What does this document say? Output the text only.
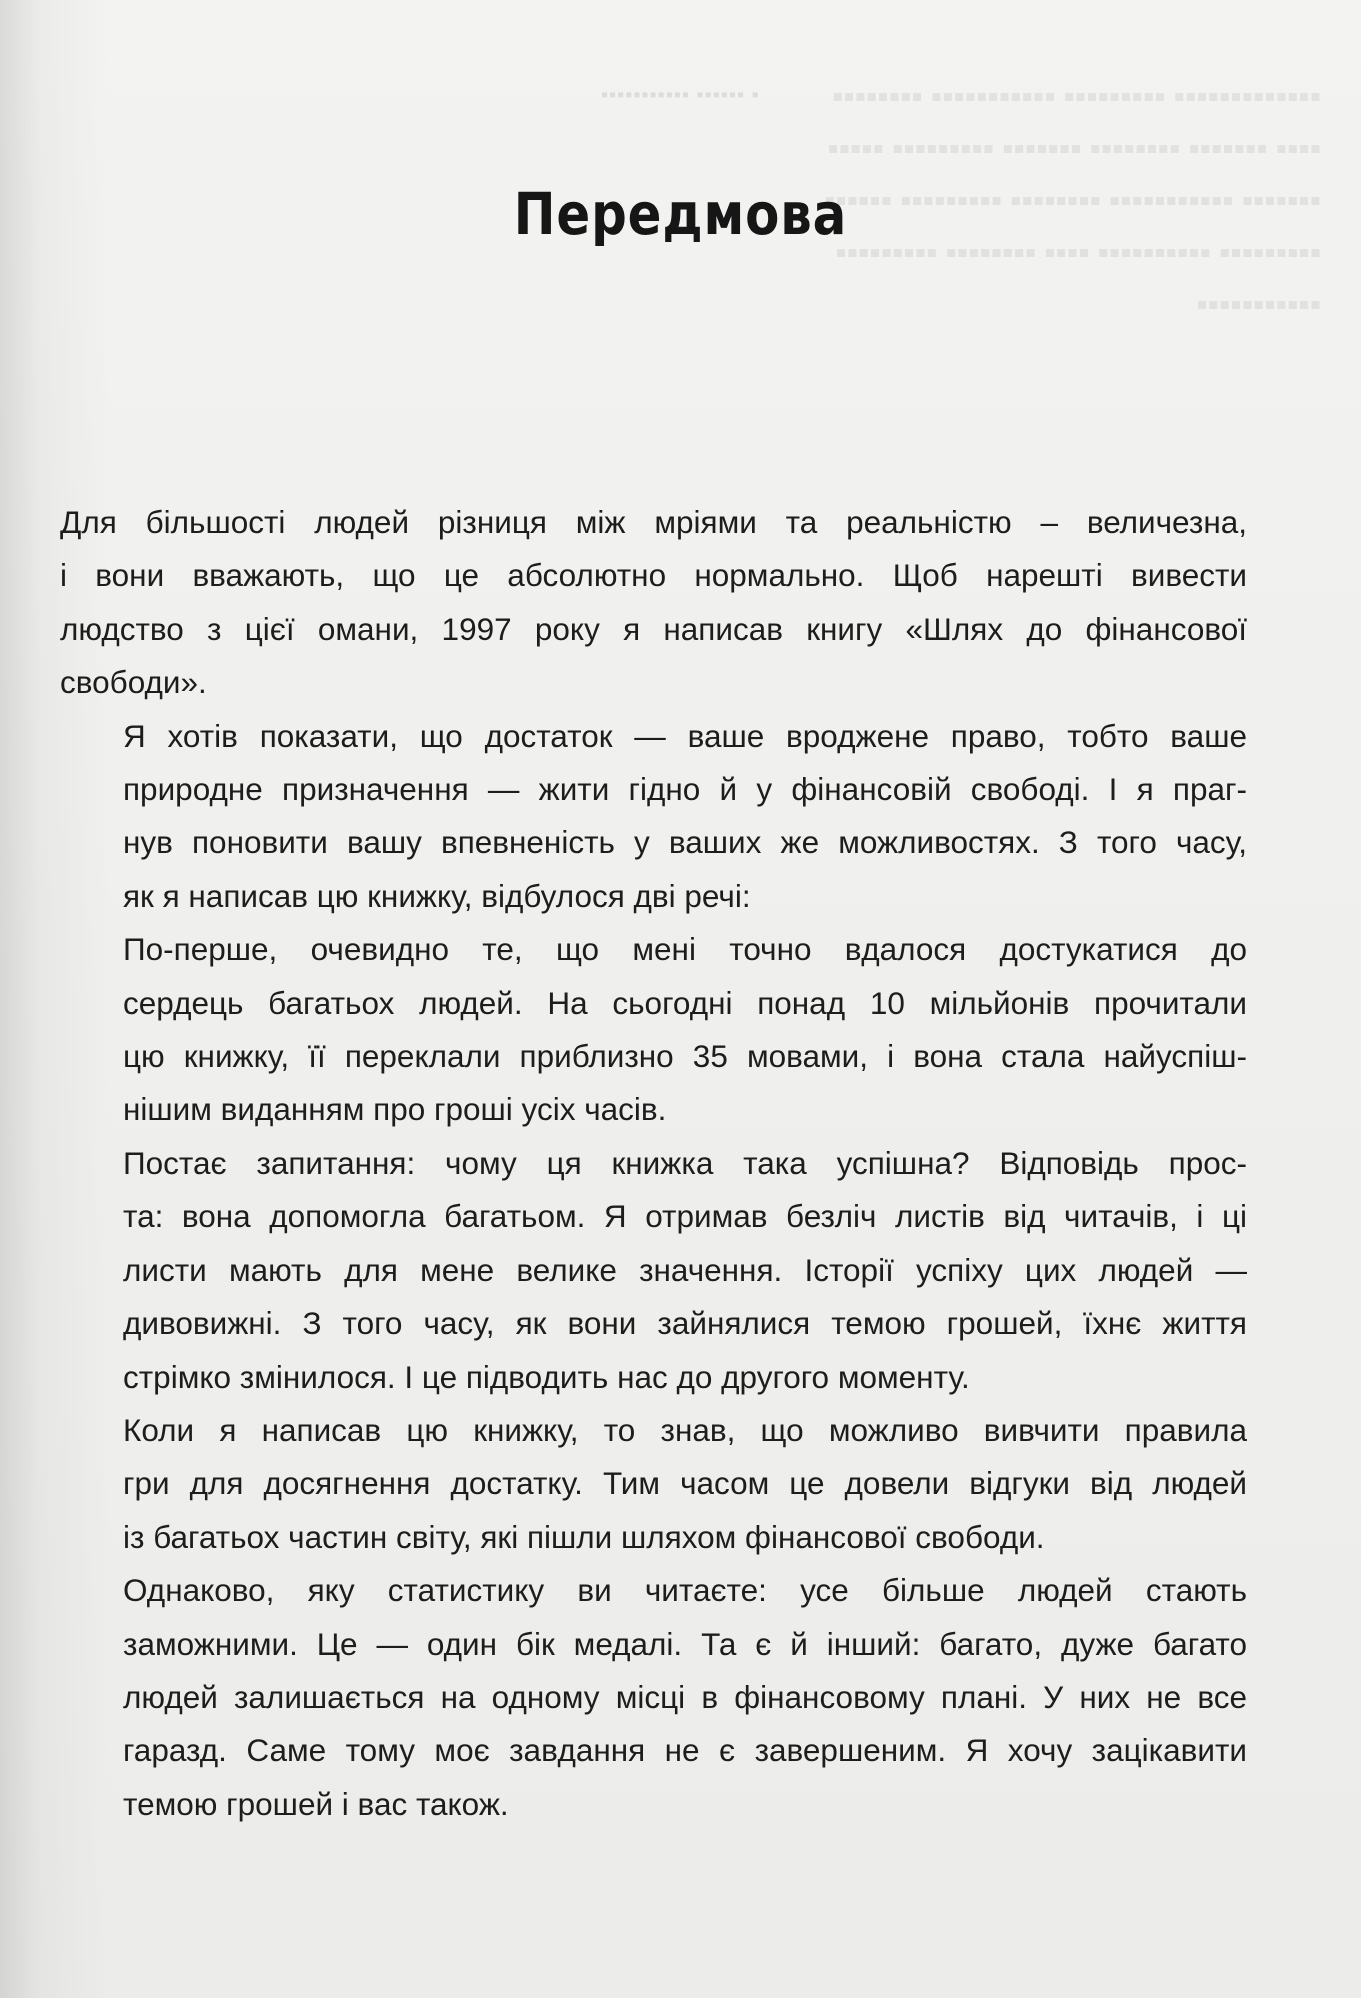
▪ ▪▪▪▪▪▪ ▪▪▪▪▪▪▪▪▪▪▪	▪▪▪▪▪▪▪▪▪▪▪▪▪ ▪▪▪▪▪▪▪▪▪ ▪▪▪▪▪▪▪▪▪▪▪ ▪▪▪▪▪▪▪▪
▪▪▪▪ ▪▪▪▪▪▪▪ ▪▪▪▪▪▪▪▪ ▪▪▪▪▪▪▪ ▪▪▪▪▪▪▪▪▪ ▪▪▪▪▪
▪▪▪▪▪▪▪ ▪▪▪▪▪▪▪▪▪▪▪ ▪▪▪▪▪▪▪▪ ▪▪▪▪▪▪▪▪▪ ▪▪▪▪▪▪
▪▪▪▪▪▪▪▪▪ ▪▪▪▪▪▪▪▪▪▪ ▪▪▪▪ ▪▪▪▪▪▪▪▪ ▪▪▪▪▪▪▪▪▪
▪▪▪▪▪▪▪▪▪▪▪
Передмова

Для більшості людей різниця між мріями та реальністю – величезна,
і вони вважають, що це абсолютно нормально. Щоб нарешті вивести
людство з цієї омани, 1997 року я написав книгу «Шлях до фінансової
свободи».

Я хотів показати, що достаток — ваше вроджене право, тобто ваше
природне призначення — жити гідно й у фінансовій свободі. І я праг-
нув поновити вашу впевненість у ваших же можливостях. З того часу,
як я написав цю книжку, відбулося дві речі:

По-перше, очевидно те, що мені точно вдалося достукатися до
сердець багатьох людей. На сьогодні понад 10 мільйонів прочитали
цю книжку, її переклали приблизно 35 мовами, і вона стала найуспіш-
нішим виданням про гроші усіх часів.

Постає запитання: чому ця книжка така успішна? Відповідь прос-
та: вона допомогла багатьом. Я отримав безліч листів від читачів, і ці
листи мають для мене велике значення. Історії успіху цих людей —
дивовижні. З того часу, як вони зайнялися темою грошей, їхнє життя
стрімко змінилося. І це підводить нас до другого моменту.

Коли я написав цю книжку, то знав, що можливо вивчити правила
гри для досягнення достатку. Тим часом це довели відгуки від людей
із багатьох частин світу, які пішли шляхом фінансової свободи.

Однаково, яку статистику ви читаєте: усе більше людей стають
заможними. Це — один бік медалі. Та є й інший: багато, дуже багато
людей залишається на одному місці в фінансовому плані. У них не все
гаразд. Саме тому моє завдання не є завершеним. Я хочу зацікавити
темою грошей і вас також.
